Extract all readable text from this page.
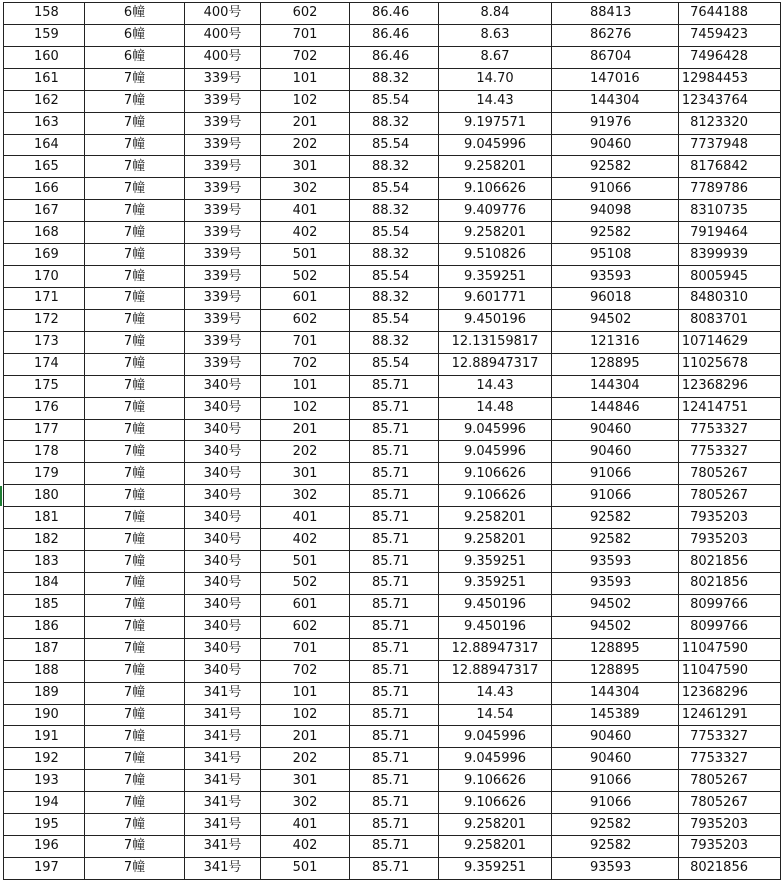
158	6幢	400号	602	86.46	8.84	88413	7644188
159	6幢	400号	701	86.46	8.63	86276	7459423
160	6幢	400号	702	86.46	8.67	86704	7496428
161	7幢	339号	101	88.32	14.70	147016	12984453
162	7幢	339号	102	85.54	14.43	144304	12343764
163	7幢	339号	201	88.32	9.197571	91976	8123320
164	7幢	339号	202	85.54	9.045996	90460	7737948
165	7幢	339号	301	88.32	9.258201	92582	8176842
166	7幢	339号	302	85.54	9.106626	91066	7789786
167	7幢	339号	401	88.32	9.409776	94098	8310735
168	7幢	339号	402	85.54	9.258201	92582	7919464
169	7幢	339号	501	88.32	9.510826	95108	8399939
170	7幢	339号	502	85.54	9.359251	93593	8005945
171	7幢	339号	601	88.32	9.601771	96018	8480310
172	7幢	339号	602	85.54	9.450196	94502	8083701
173	7幢	339号	701	88.32	12.13159817	121316	10714629
174	7幢	339号	702	85.54	12.88947317	128895	11025678
175	7幢	340号	101	85.71	14.43	144304	12368296
176	7幢	340号	102	85.71	14.48	144846	12414751
177	7幢	340号	201	85.71	9.045996	90460	7753327
178	7幢	340号	202	85.71	9.045996	90460	7753327
179	7幢	340号	301	85.71	9.106626	91066	7805267
180	7幢	340号	302	85.71	9.106626	91066	7805267
181	7幢	340号	401	85.71	9.258201	92582	7935203
182	7幢	340号	402	85.71	9.258201	92582	7935203
183	7幢	340号	501	85.71	9.359251	93593	8021856
184	7幢	340号	502	85.71	9.359251	93593	8021856
185	7幢	340号	601	85.71	9.450196	94502	8099766
186	7幢	340号	602	85.71	9.450196	94502	8099766
187	7幢	340号	701	85.71	12.88947317	128895	11047590
188	7幢	340号	702	85.71	12.88947317	128895	11047590
189	7幢	341号	101	85.71	14.43	144304	12368296
190	7幢	341号	102	85.71	14.54	145389	12461291
191	7幢	341号	201	85.71	9.045996	90460	7753327
192	7幢	341号	202	85.71	9.045996	90460	7753327
193	7幢	341号	301	85.71	9.106626	91066	7805267
194	7幢	341号	302	85.71	9.106626	91066	7805267
195	7幢	341号	401	85.71	9.258201	92582	7935203
196	7幢	341号	402	85.71	9.258201	92582	7935203
197	7幢	341号	501	85.71	9.359251	93593	8021856
